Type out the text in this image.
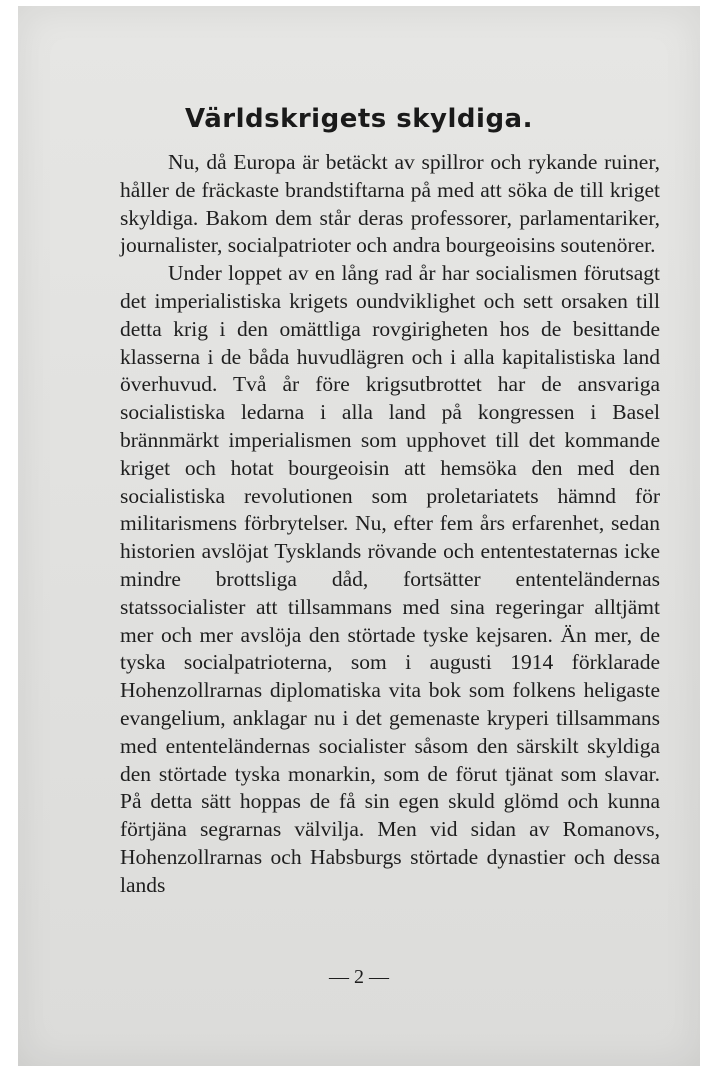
Världskrigets skyldiga.

Nu, då Europa är betäckt av spillror och rykande ruiner, håller de fräckaste brandstiftarna på med att söka de till kriget skyldiga. Bakom dem står deras professorer, parlamentariker, journalister, socialpatrioter och andra bourgeoisins soutenörer.

Under loppet av en lång rad år har socialismen förutsagt det imperialistiska krigets oundviklighet och sett orsaken till detta krig i den omättliga rovgirigheten hos de besittande klasserna i de båda huvudlägren och i alla kapitalistiska land överhuvud. Två år före krigsutbrottet har de ansvariga socialistiska ledarna i alla land på kongressen i Basel brännmärkt imperialismen som upphovet till det kommande kriget och hotat bourgeoisin att hemsöka den med den socialistiska revolutionen som proletariatets hämnd för militarismens förbrytelser. Nu, efter fem års erfarenhet, sedan historien avslöjat Tysklands rövande och ententestaternas icke mindre brottsliga dåd, fortsätter ententeländernas statssocialister att tillsammans med sina regeringar alltjämt mer och mer avslöja den störtade tyske kejsaren. Än mer, de tyska socialpatrioterna, som i augusti 1914 förklarade Hohenzollrarnas diplomatiska vita bok som folkens heligaste evangelium, anklagar nu i det gemenaste kryperi tillsammans med ententeländernas socialister såsom den särskilt skyldiga den störtade tyska monarkin, som de förut tjänat som slavar. På detta sätt hoppas de få sin egen skuld glömd och kunna förtjäna segrarnas välvilja. Men vid sidan av Romanovs, Hohenzollrarnas och Habsburgs störtade dynastier och dessa lands

— 2 —
